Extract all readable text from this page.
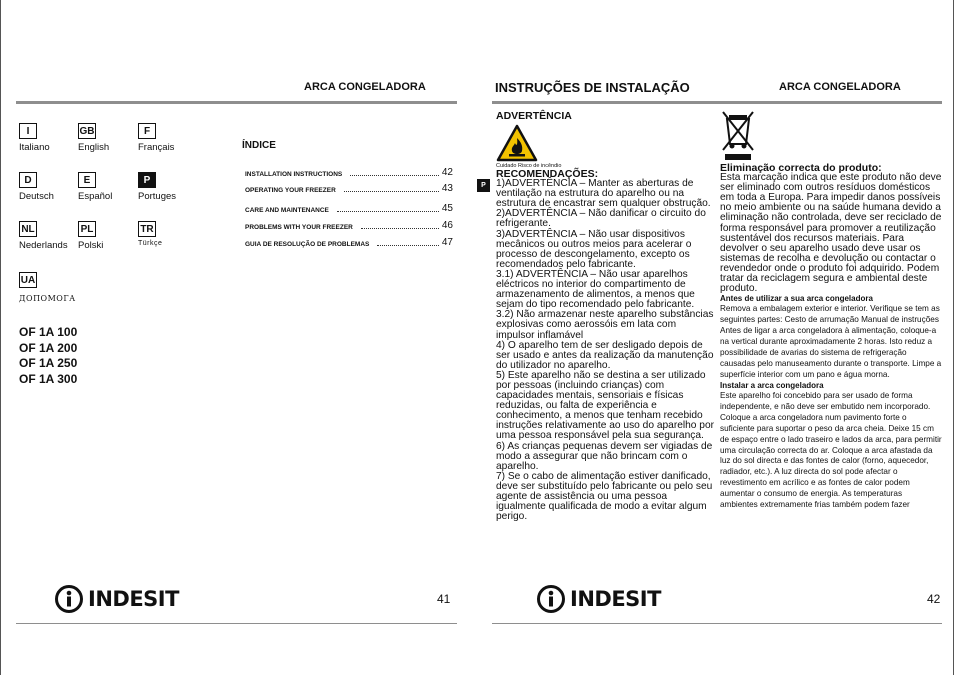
ARCA CONGELADORA
I
Italiano
GB
English
F
Français
D
Deutsch
E
Español
P
Portuges
NL
Nederlands
PL
Polski
TR
Türkçe
UA
ДОПОМОГА
ÍNDICE
INSTALLATION INSTRUCTIONS	42
OPERATING YOUR FREEZER	43
CARE AND MAINTENANCE	45
PROBLEMS WITH YOUR FREEZER	46
GUIA DE RESOLUÇÃO DE PROBLEMAS	47
OF 1A 100
OF 1A 200
OF 1A 250
OF 1A 300
INDESIT	41
INSTRUÇÕES DE INSTALAÇÃO	ARCA CONGELADORA
ADVERTÊNCIA
Cuidado Risco de incêndio
P

RECOMENDAÇÕES:

1)ADVERTÊNCIA – Manter as aberturas de ventilação na estrutura do aparelho ou na estrutura de encastrar sem qualquer obstrução.

2)ADVERTÊNCIA – Não danificar o circuito do refrigerante.

3)ADVERTÊNCIA – Não usar dispositivos mecânicos ou outros meios para acelerar o processo de descongelamento, excepto os recomendados pelo fabricante.

3.1) ADVERTÊNCIA – Não usar aparelhos eléctricos no interior do compartimento de armazenamento de alimentos, a menos que sejam do tipo recomendado pelo fabricante.

3.2) Não armazenar neste aparelho substâncias explosivas como aerossóis em lata com impulsor inflamável

4) O aparelho tem de ser desligado depois de ser usado e antes da realização da manutenção do utilizador no aparelho.

5) Este aparelho não se destina a ser utilizado por pessoas (incluindo crianças) com capacidades mentais, sensoriais e físicas reduzidas, ou falta de experiência e conhecimento, a menos que tenham recebido instruções relativamente ao uso do aparelho por uma pessoa responsável pela sua segurança.

6) As crianças pequenas devem ser vigiadas de modo a assegurar que não brincam com o aparelho.

7) Se o cabo de alimentação estiver danificado, deve ser substituído pelo fabricante ou pelo seu agente de assistência ou uma pessoa igualmente qualificada de modo a evitar algum perigo.

Eliminação correcta do produto:

Esta marcação indica que este produto não deve ser eliminado com outros resíduos domésticos em toda a Europa. Para impedir danos possíveis no meio ambiente ou na saúde humana devido a eliminação não controlada, deve ser reciclado de forma responsável para promover a reutilização sustentável dos recursos materiais. Para devolver o seu aparelho usado deve usar os sistemas de recolha e devolução ou contactar o revendedor onde o produto foi adquirido. Podem tratar da reciclagem segura e ambiental deste produto.

Antes de utilizar a sua arca congeladora

Remova a embalagem exterior e interior. Verifique se tem as seguintes partes: Cesto de arrumação Manual de instruções Antes de ligar a arca congeladora à alimentação, coloque-a na vertical durante aproximadamente 2 horas. Isto reduz a possibilidade de avarias do sistema de refrigeração causadas pelo manuseamento durante o transporte. Limpe a superfície interior com um pano e água morna.

Instalar a arca congeladora

Este aparelho foi concebido para ser usado de forma independente, e não deve ser embutido nem incorporado. Coloque a arca congeladora num pavimento forte o suficiente para suportar o peso da arca cheia. Deixe 15 cm de espaço entre o lado traseiro e lados da arca, para permitir uma circulação correcta do ar. Coloque a arca afastada da luz do sol directa e das fontes de calor (forno, aquecedor, radiador, etc.). A luz directa do sol pode afectar o revestimento em acrílico e as fontes de calor podem aumentar o consumo de energia. As temperaturas ambientes extremamente frias também podem fazer

INDESIT	42
